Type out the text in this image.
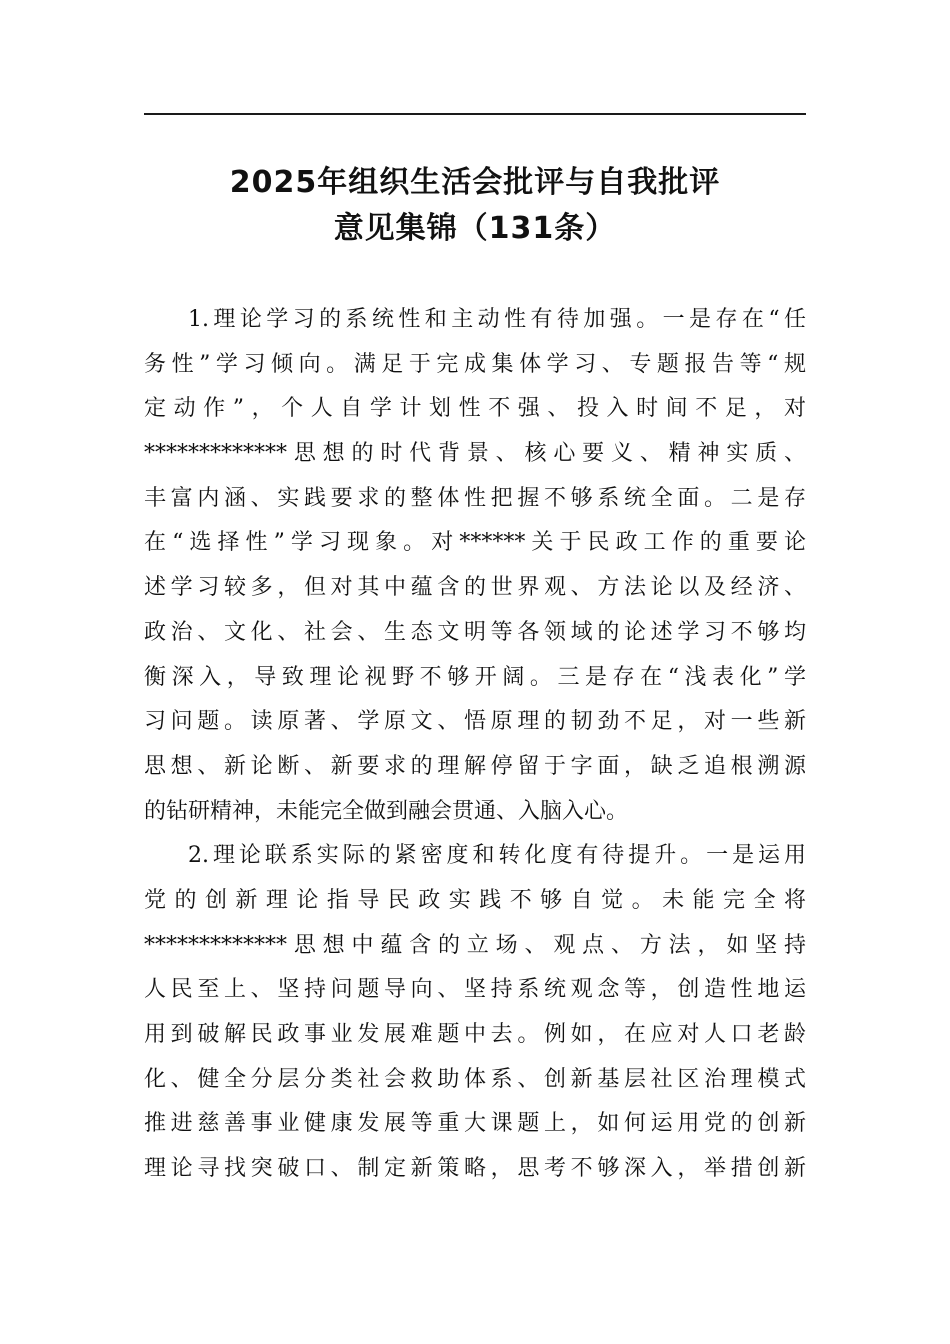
2025年组织生活会批评与自我批评
意见集锦（131条）
1.理论学习的系统性和主动性有待加强。一是存在“任
务性”学习倾向。满足于完成集体学习、专题报告等“规
定动作”，个人自学计划性不强、投入时间不足，对
*************思想的时代背景、核心要义、精神实质、
丰富内涵、实践要求的整体性把握不够系统全面。二是存
在“选择性”学习现象。对******关于民政工作的重要论
述学习较多，但对其中蕴含的世界观、方法论以及经济、
政治、文化、社会、生态文明等各领域的论述学习不够均
衡深入，导致理论视野不够开阔。三是存在“浅表化”学
习问题。读原著、学原文、悟原理的韧劲不足，对一些新
思想、新论断、新要求的理解停留于字面，缺乏追根溯源
的钻研精神，未能完全做到融会贯通、入脑入心。
2.理论联系实际的紧密度和转化度有待提升。一是运用
党的创新理论指导民政实践不够自觉。未能完全将
*************思想中蕴含的立场、观点、方法，如坚持
人民至上、坚持问题导向、坚持系统观念等，创造性地运
用到破解民政事业发展难题中去。例如，在应对人口老龄
化、健全分层分类社会救助体系、创新基层社区治理模式
推进慈善事业健康发展等重大课题上，如何运用党的创新
理论寻找突破口、制定新策略，思考不够深入，举措创新
